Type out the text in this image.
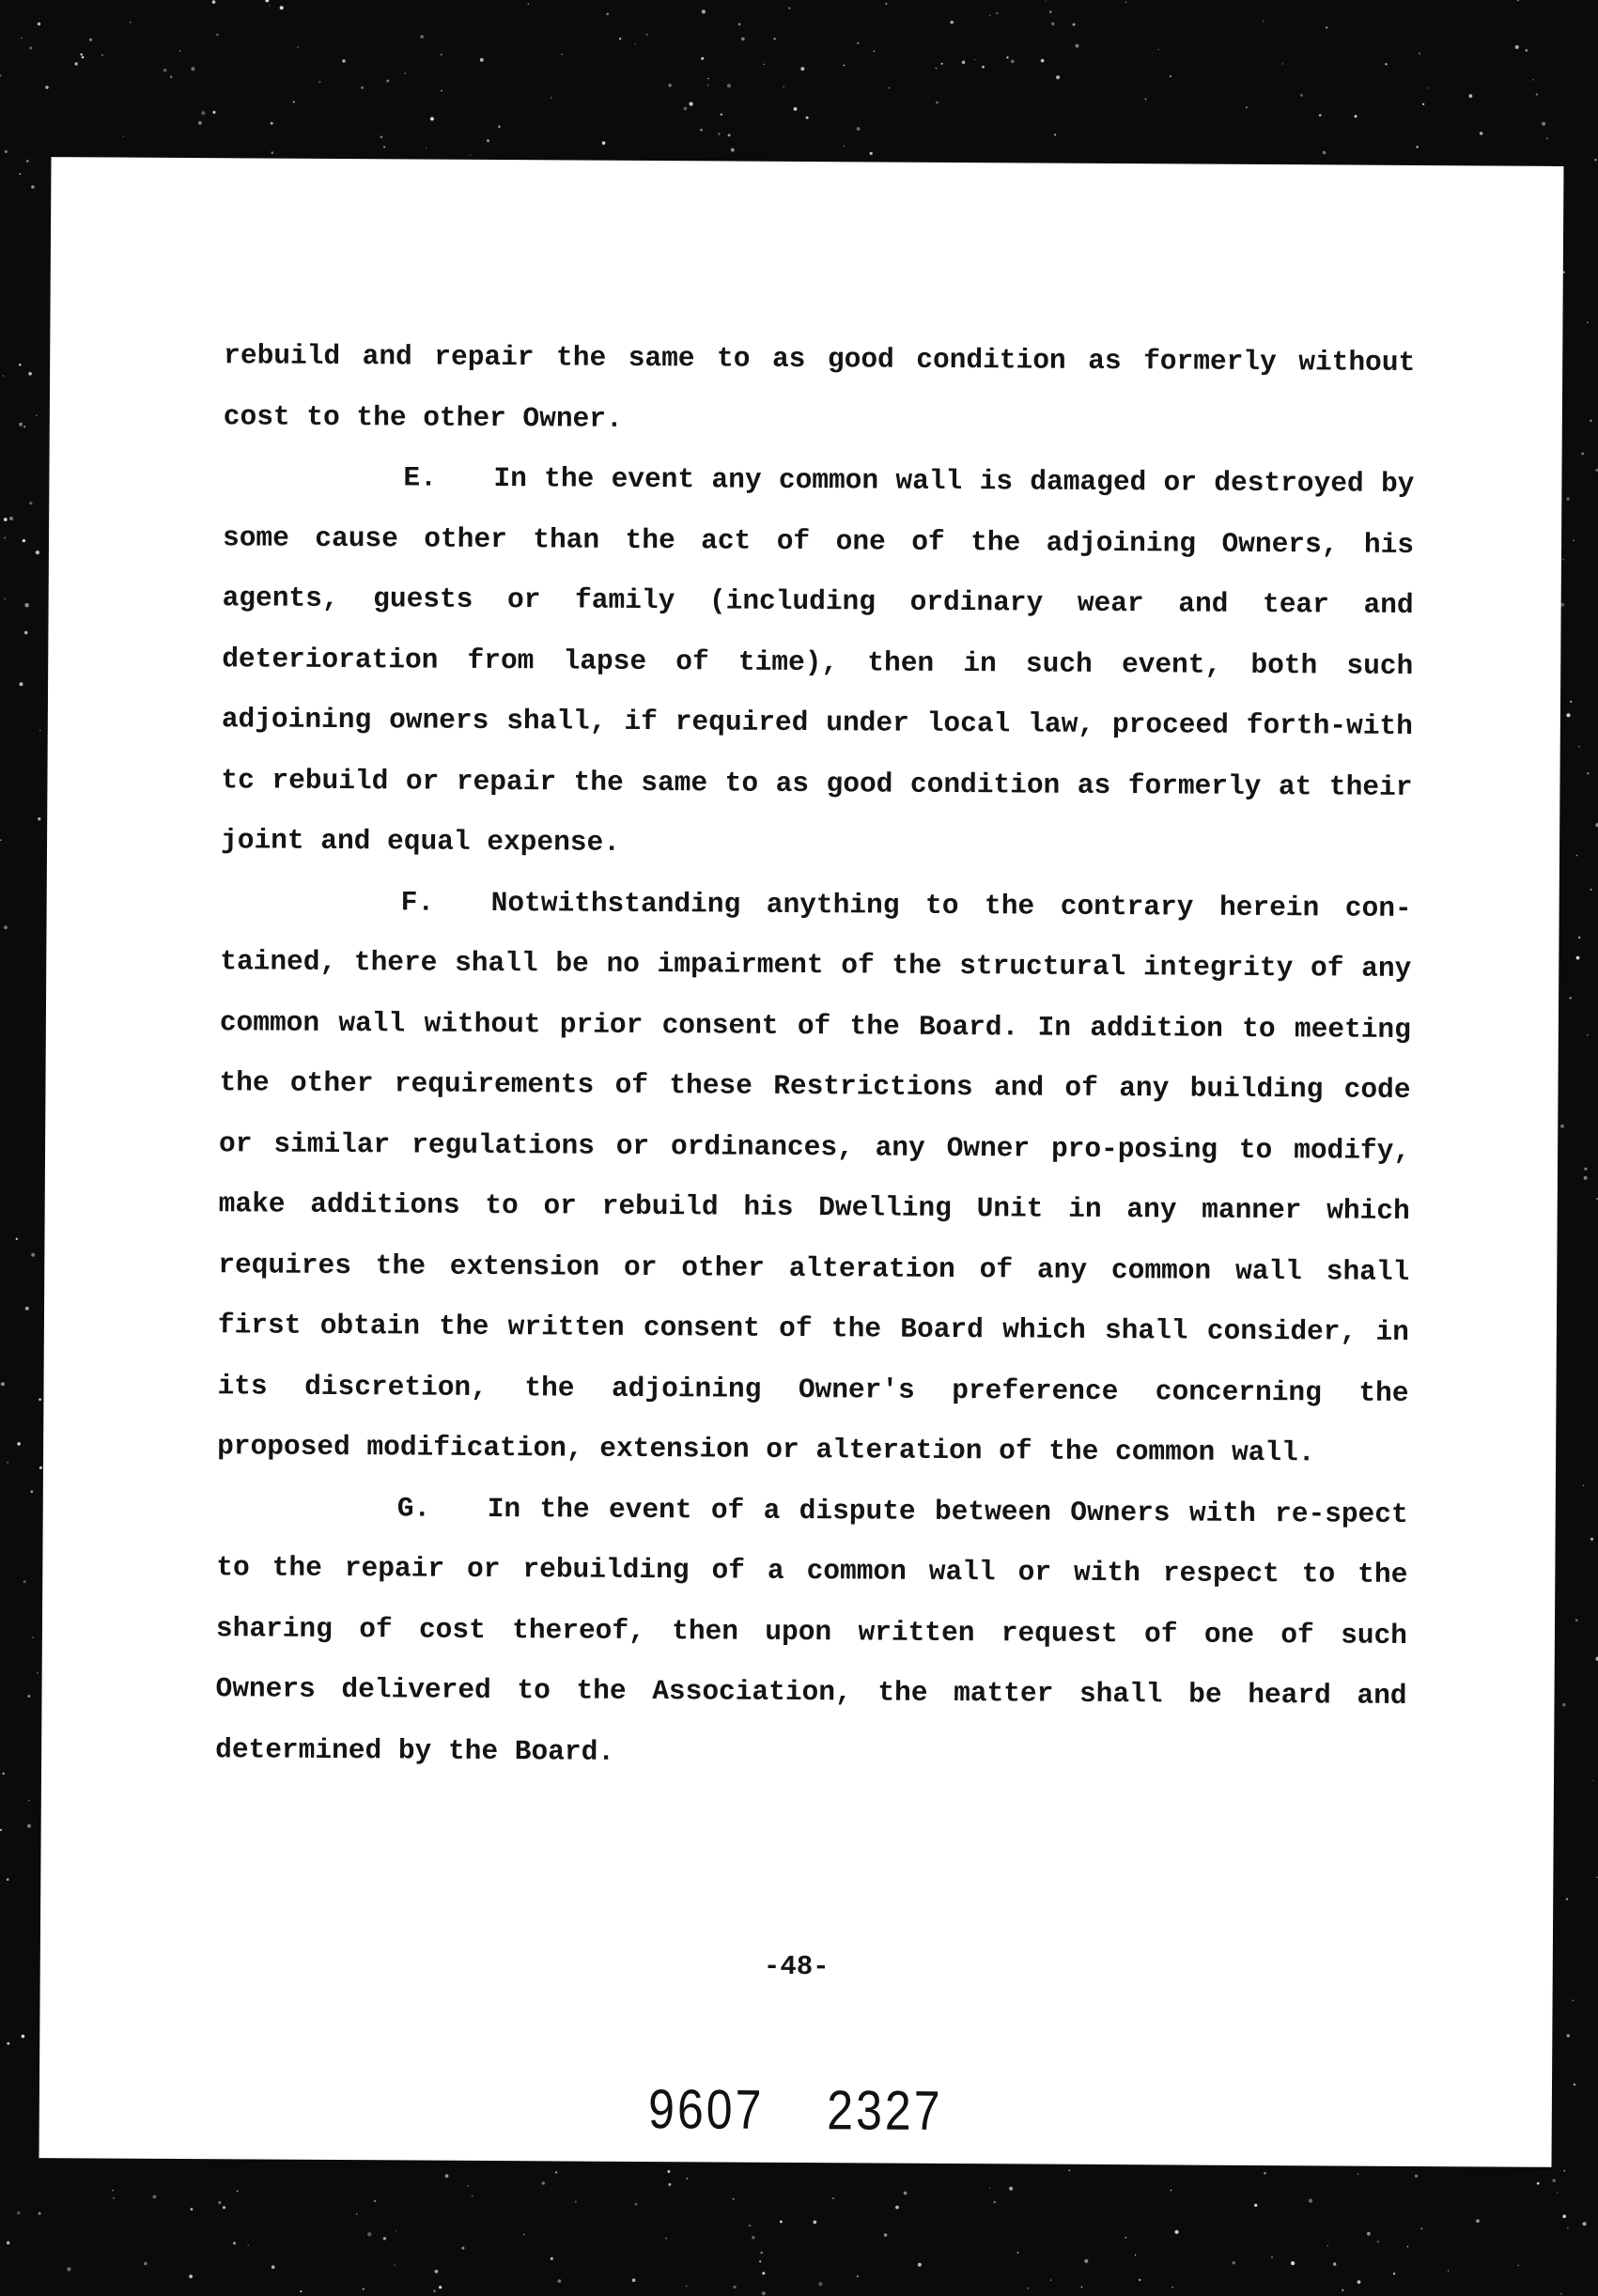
rebuild and repair the same to as good condition as formerly without cost to the other Owner.

E. In the event any common wall is damaged or destroyed by some cause other than the act of one of the adjoining Owners, his agents, guests or family (including ordinary wear and tear and deterioration from lapse of time), then in such event, both such adjoining owners shall, if required under local law, proceed forth-with tc rebuild or repair the same to as good condition as formerly at their joint and equal expense.

F. Notwithstanding anything to the contrary herein con-tained, there shall be no impairment of the structural integrity of any common wall without prior consent of the Board. In addition to meeting the other requirements of these Restrictions and of any building code or similar regulations or ordinances, any Owner pro-posing to modify, make additions to or rebuild his Dwelling Unit in any manner which requires the extension or other alteration of any common wall shall first obtain the written consent of the Board which shall consider, in its discretion, the adjoining Owner's preference concerning the proposed modification, extension or alteration of the common wall.

G. In the event of a dispute between Owners with re-spect to the repair or rebuilding of a common wall or with respect to the sharing of cost thereof, then upon written request of one of such Owners delivered to the Association, the matter shall be heard and determined by the Board.

-48-
9607 2327
